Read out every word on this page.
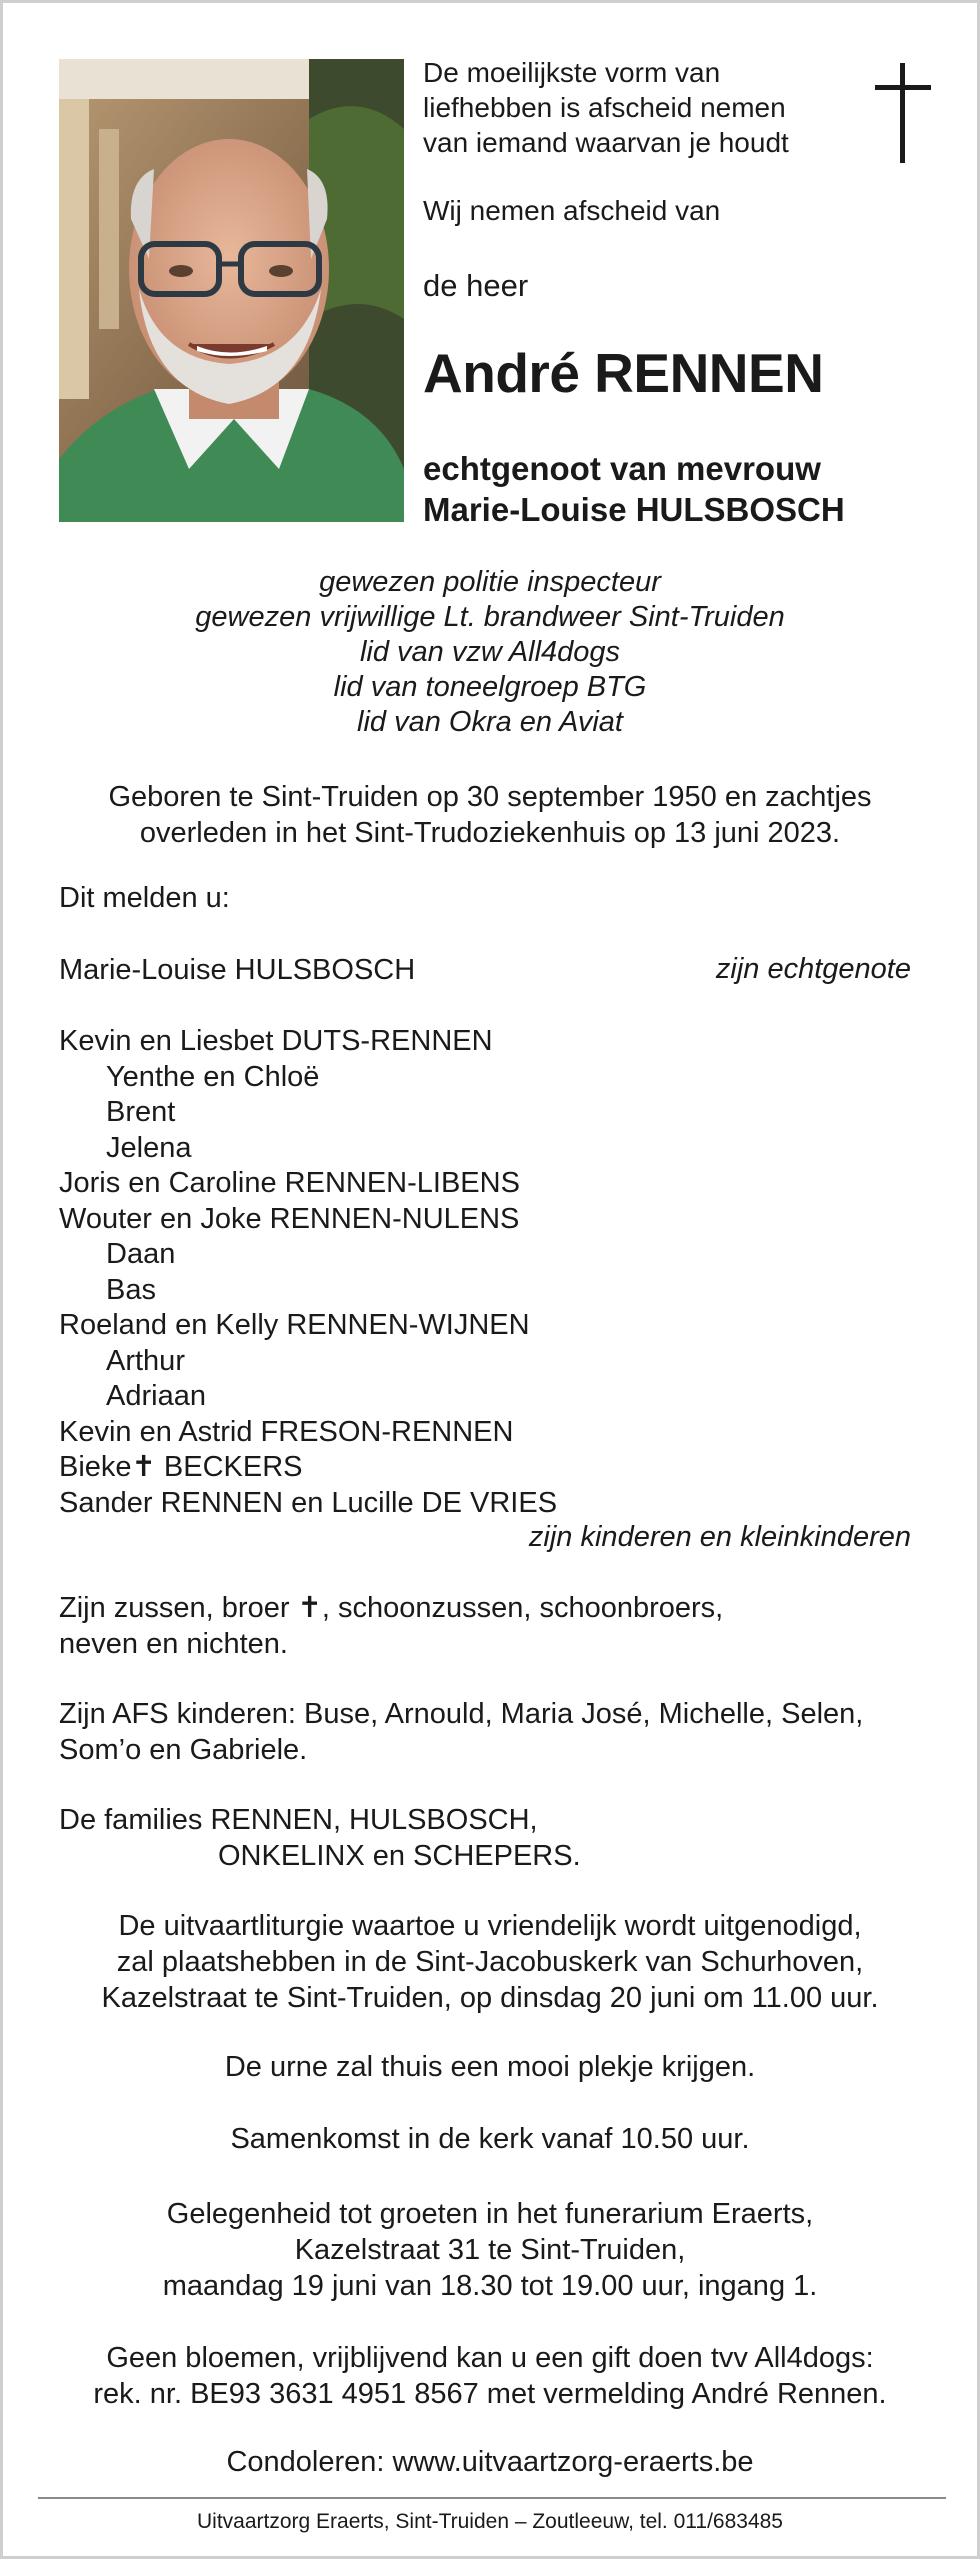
De moeilijkste vorm van
liefhebben is afscheid nemen
van iemand waarvan je houdt
Wij nemen afscheid van
de heer
André RENNEN
echtgenoot van mevrouw
Marie-Louise HULSBOSCH
gewezen politie inspecteur
gewezen vrijwillige Lt. brandweer Sint-Truiden
lid van vzw All4dogs
lid van toneelgroep BTG
lid van Okra en Aviat
Geboren te Sint-Truiden op 30 september 1950 en zachtjes
overleden in het Sint-Trudoziekenhuis op 13 juni 2023.
Dit melden u:
Marie-Louise HULSBOSCH	zijn echtgenote
Kevin en Liesbet DUTS-RENNEN
Yenthe en Chloë
Brent
Jelena
Joris en Caroline RENNEN-LIBENS
Wouter en Joke RENNEN-NULENS
Daan
Bas
Roeland en Kelly RENNEN-WIJNEN
Arthur
Adriaan
Kevin en Astrid FRESON-RENNEN
Bieke✝ BECKERS
Sander RENNEN en Lucille DE VRIES
zijn kinderen en kleinkinderen
Zijn zussen, broer ✝, schoonzussen, schoonbroers,
neven en nichten.
Zijn AFS kinderen: Buse, Arnould, Maria José, Michelle, Selen,
Som’o en Gabriele.
De families RENNEN, HULSBOSCH,
ONKELINX en SCHEPERS.
De uitvaartliturgie waartoe u vriendelijk wordt uitgenodigd,
zal plaatshebben in de Sint-Jacobuskerk van Schurhoven,
Kazelstraat te Sint-Truiden, op dinsdag 20 juni om 11.00 uur.
De urne zal thuis een mooi plekje krijgen.
Samenkomst in de kerk vanaf 10.50 uur.
Gelegenheid tot groeten in het funerarium Eraerts,
Kazelstraat 31 te Sint-Truiden,
maandag 19 juni van 18.30 tot 19.00 uur, ingang 1.
Geen bloemen, vrijblijvend kan u een gift doen tvv All4dogs:
rek. nr. BE93 3631 4951 8567 met vermelding André Rennen.
Condoleren: www.uitvaartzorg-eraerts.be
Uitvaartzorg Eraerts, Sint-Truiden – Zoutleeuw, tel. 011/683485
